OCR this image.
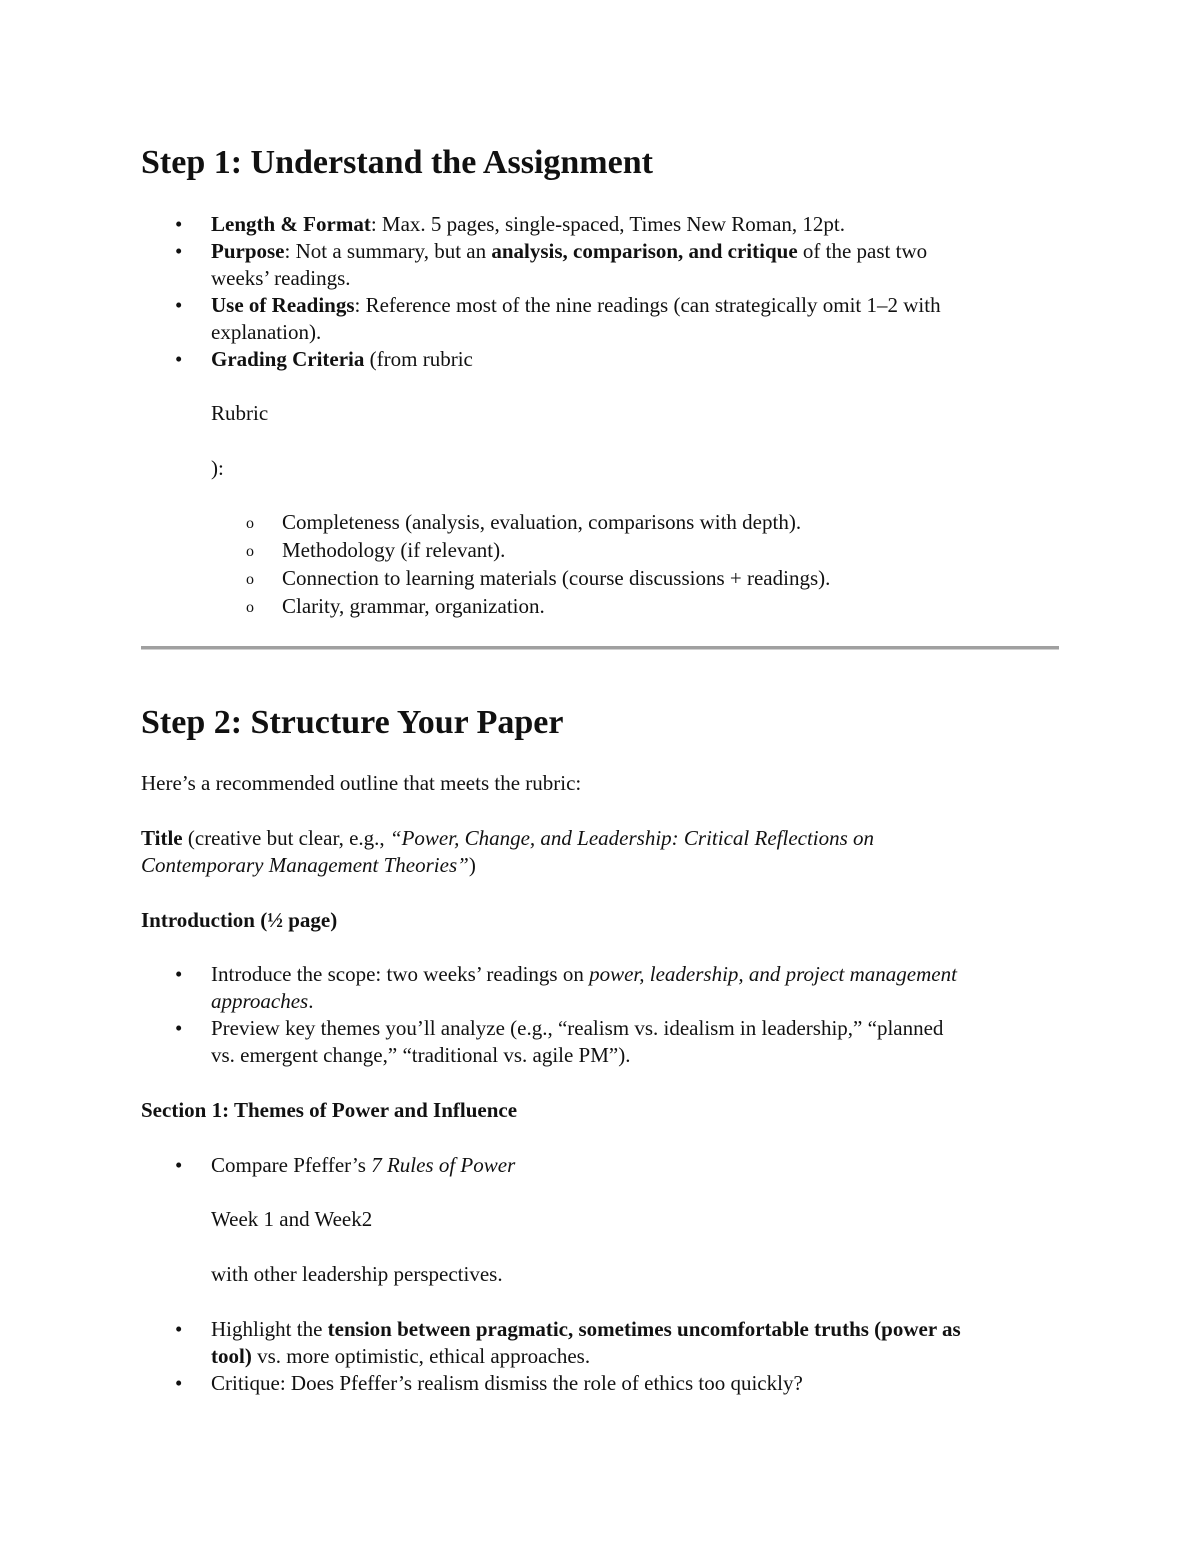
Step 1: Understand the Assignment
• Length & Format: Max. 5 pages, single-spaced, Times New Roman, 12pt.

• Purpose: Not a summary, but an analysis, comparison, and critique of the past two
weeks’ readings.

• Use of Readings: Reference most of the nine readings (can strategically omit 1–2 with
explanation).

• Grading Criteria (from rubric

Rubric

):

o Completeness (analysis, evaluation, comparisons with depth).

o Methodology (if relevant).

o Connection to learning materials (course discussions + readings).

o Clarity, grammar, organization.

Step 2: Structure Your Paper

Here’s a recommended outline that meets the rubric:

Title (creative but clear, e.g., “Power, Change, and Leadership: Critical Reflections on
Contemporary Management Theories”)

Introduction (½ page)

• Introduce the scope: two weeks’ readings on power, leadership, and project management
approaches.

• Preview key themes you’ll analyze (e.g., “realism vs. idealism in leadership,” “planned
vs. emergent change,” “traditional vs. agile PM”).

Section 1: Themes of Power and Influence

• Compare Pfeffer’s 7 Rules of Power

Week 1 and Week2

with other leadership perspectives.

• Highlight the tension between pragmatic, sometimes uncomfortable truths (power as
tool) vs. more optimistic, ethical approaches.

• Critique: Does Pfeffer’s realism dismiss the role of ethics too quickly?
